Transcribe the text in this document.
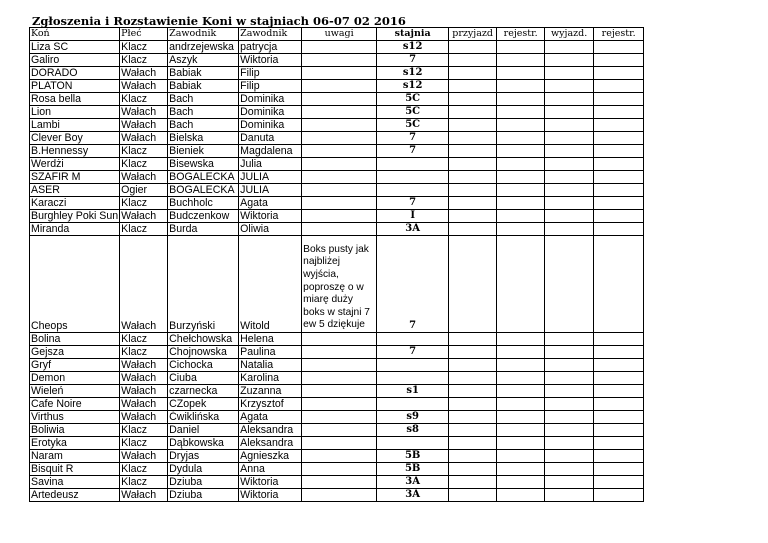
Zgłoszenia i Rozstawienie Koni w stajniach 06-07 02 2016
Koń	Płeć	Zawodnik	Zawodnik	uwagi	stajnia	przyjazd	rejestr.	wyjazd.	rejestr.
Liza SC	Klacz	andrzejewska	patrycja		s12				
Galiro	Klacz	Aszyk	Wiktoria		7				
DORADO	Wałach	Babiak	Filip		s12				
PLATON	Wałach	Babiak	Filip		s12				
Rosa bella	Klacz	Bach	Dominika		5C				
Lion	Wałach	Bach	Dominika		5C				
Lambi	Wałach	Bach	Dominika		5C				
Clever Boy	Wałach	Bielska	Danuta		7				
B.Hennessy	Klacz	Bieniek	Magdalena		7				
Werdżi	Klacz	Bisewska	Julia						
SZAFIR M	Wałach	BOGALECKA	JULIA						
ASER	Ogier	BOGALECKA	JULIA						
Karaczi	Klacz	Buchholc	Agata		7				
Burghley Poki Sun	Wałach	Budczenkow	Wiktoria		I				
Miranda	Klacz	Burda	Oliwia		3A				
Cheops	Wałach	Burzyński	Witold	Boks pusty jak najbliżej wyjścia, poproszę o w miarę duży boks w stajni 7 ew 5 dziękuje	7				
Bolina	Klacz	Chełchowska	Helena						
Gejsza	Klacz	Chojnowska	Paulina		7				
Gryf	Wałach	Cichocka	Natalia						
Demon	Wałach	Ciuba	Karolina						
Wieleń	Wałach	czarnecka	Zuzanna		s1				
Cafe Noire	Wałach	CZopek	Krzysztof						
Virthus	Wałach	Ćwiklińska	Agata		s9				
Boliwia	Klacz	Daniel	Aleksandra		s8				
Erotyka	Klacz	Dąbkowska	Aleksandra						
Naram	Wałach	Dryjas	Agnieszka		5B				
Bisquit R	Klacz	Dydula	Anna		5B				
Savina	Klacz	Dziuba	Wiktoria		3A				
Artedeusz	Wałach	Dziuba	Wiktoria		3A				
